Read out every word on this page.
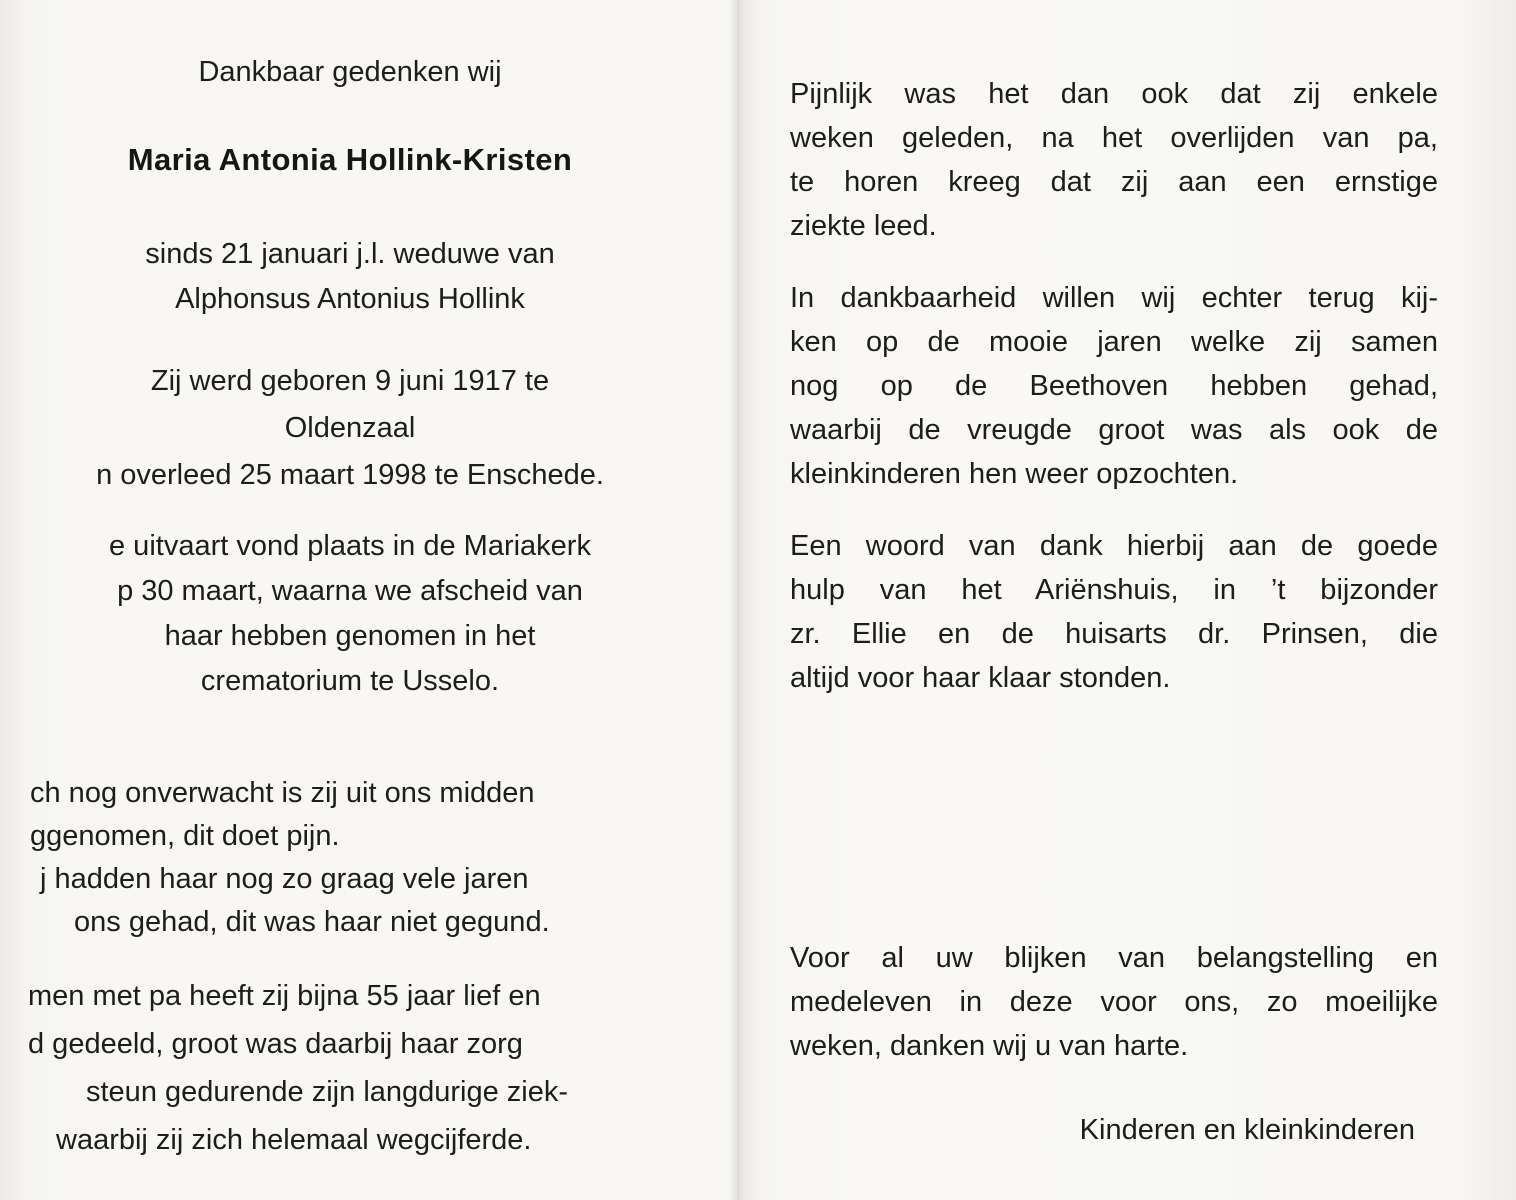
Dankbaar gedenken wij
Maria Antonia Hollink-Kristen
sinds 21 januari j.l. weduwe van
Alphonsus Antonius Hollink
Zij werd geboren 9 juni 1917 te
Oldenzaal
n overleed 25 maart 1998 te Enschede.
e uitvaart vond plaats in de Mariakerk
p 30 maart, waarna we afscheid van
haar hebben genomen in het
crematorium te Usselo.
ch nog onverwacht is zij uit ons midden
ggenomen, dit doet pijn.
j hadden haar nog zo graag vele jaren
ons gehad, dit was haar niet gegund.
men met pa heeft zij bijna 55 jaar lief en
d gedeeld, groot was daarbij haar zorg
steun gedurende zijn langdurige ziek-
waarbij zij zich helemaal wegcijferde.
Pijnlijk was het dan ook dat zij enkele
weken geleden, na het overlijden van pa,
te horen kreeg dat zij aan een ernstige
ziekte leed.
In dankbaarheid willen wij echter terug kij-
ken op de mooie jaren welke zij samen
nog op de Beethoven hebben gehad,
waarbij de vreugde groot was als ook de
kleinkinderen hen weer opzochten.
Een woord van dank hierbij aan de goede
hulp van het Ariënshuis, in ’t bijzonder
zr. Ellie en de huisarts dr. Prinsen, die
altijd voor haar klaar stonden.
Voor al uw blijken van belangstelling en
medeleven in deze voor ons, zo moeilijke
weken, danken wij u van harte.
Kinderen en kleinkinderen
